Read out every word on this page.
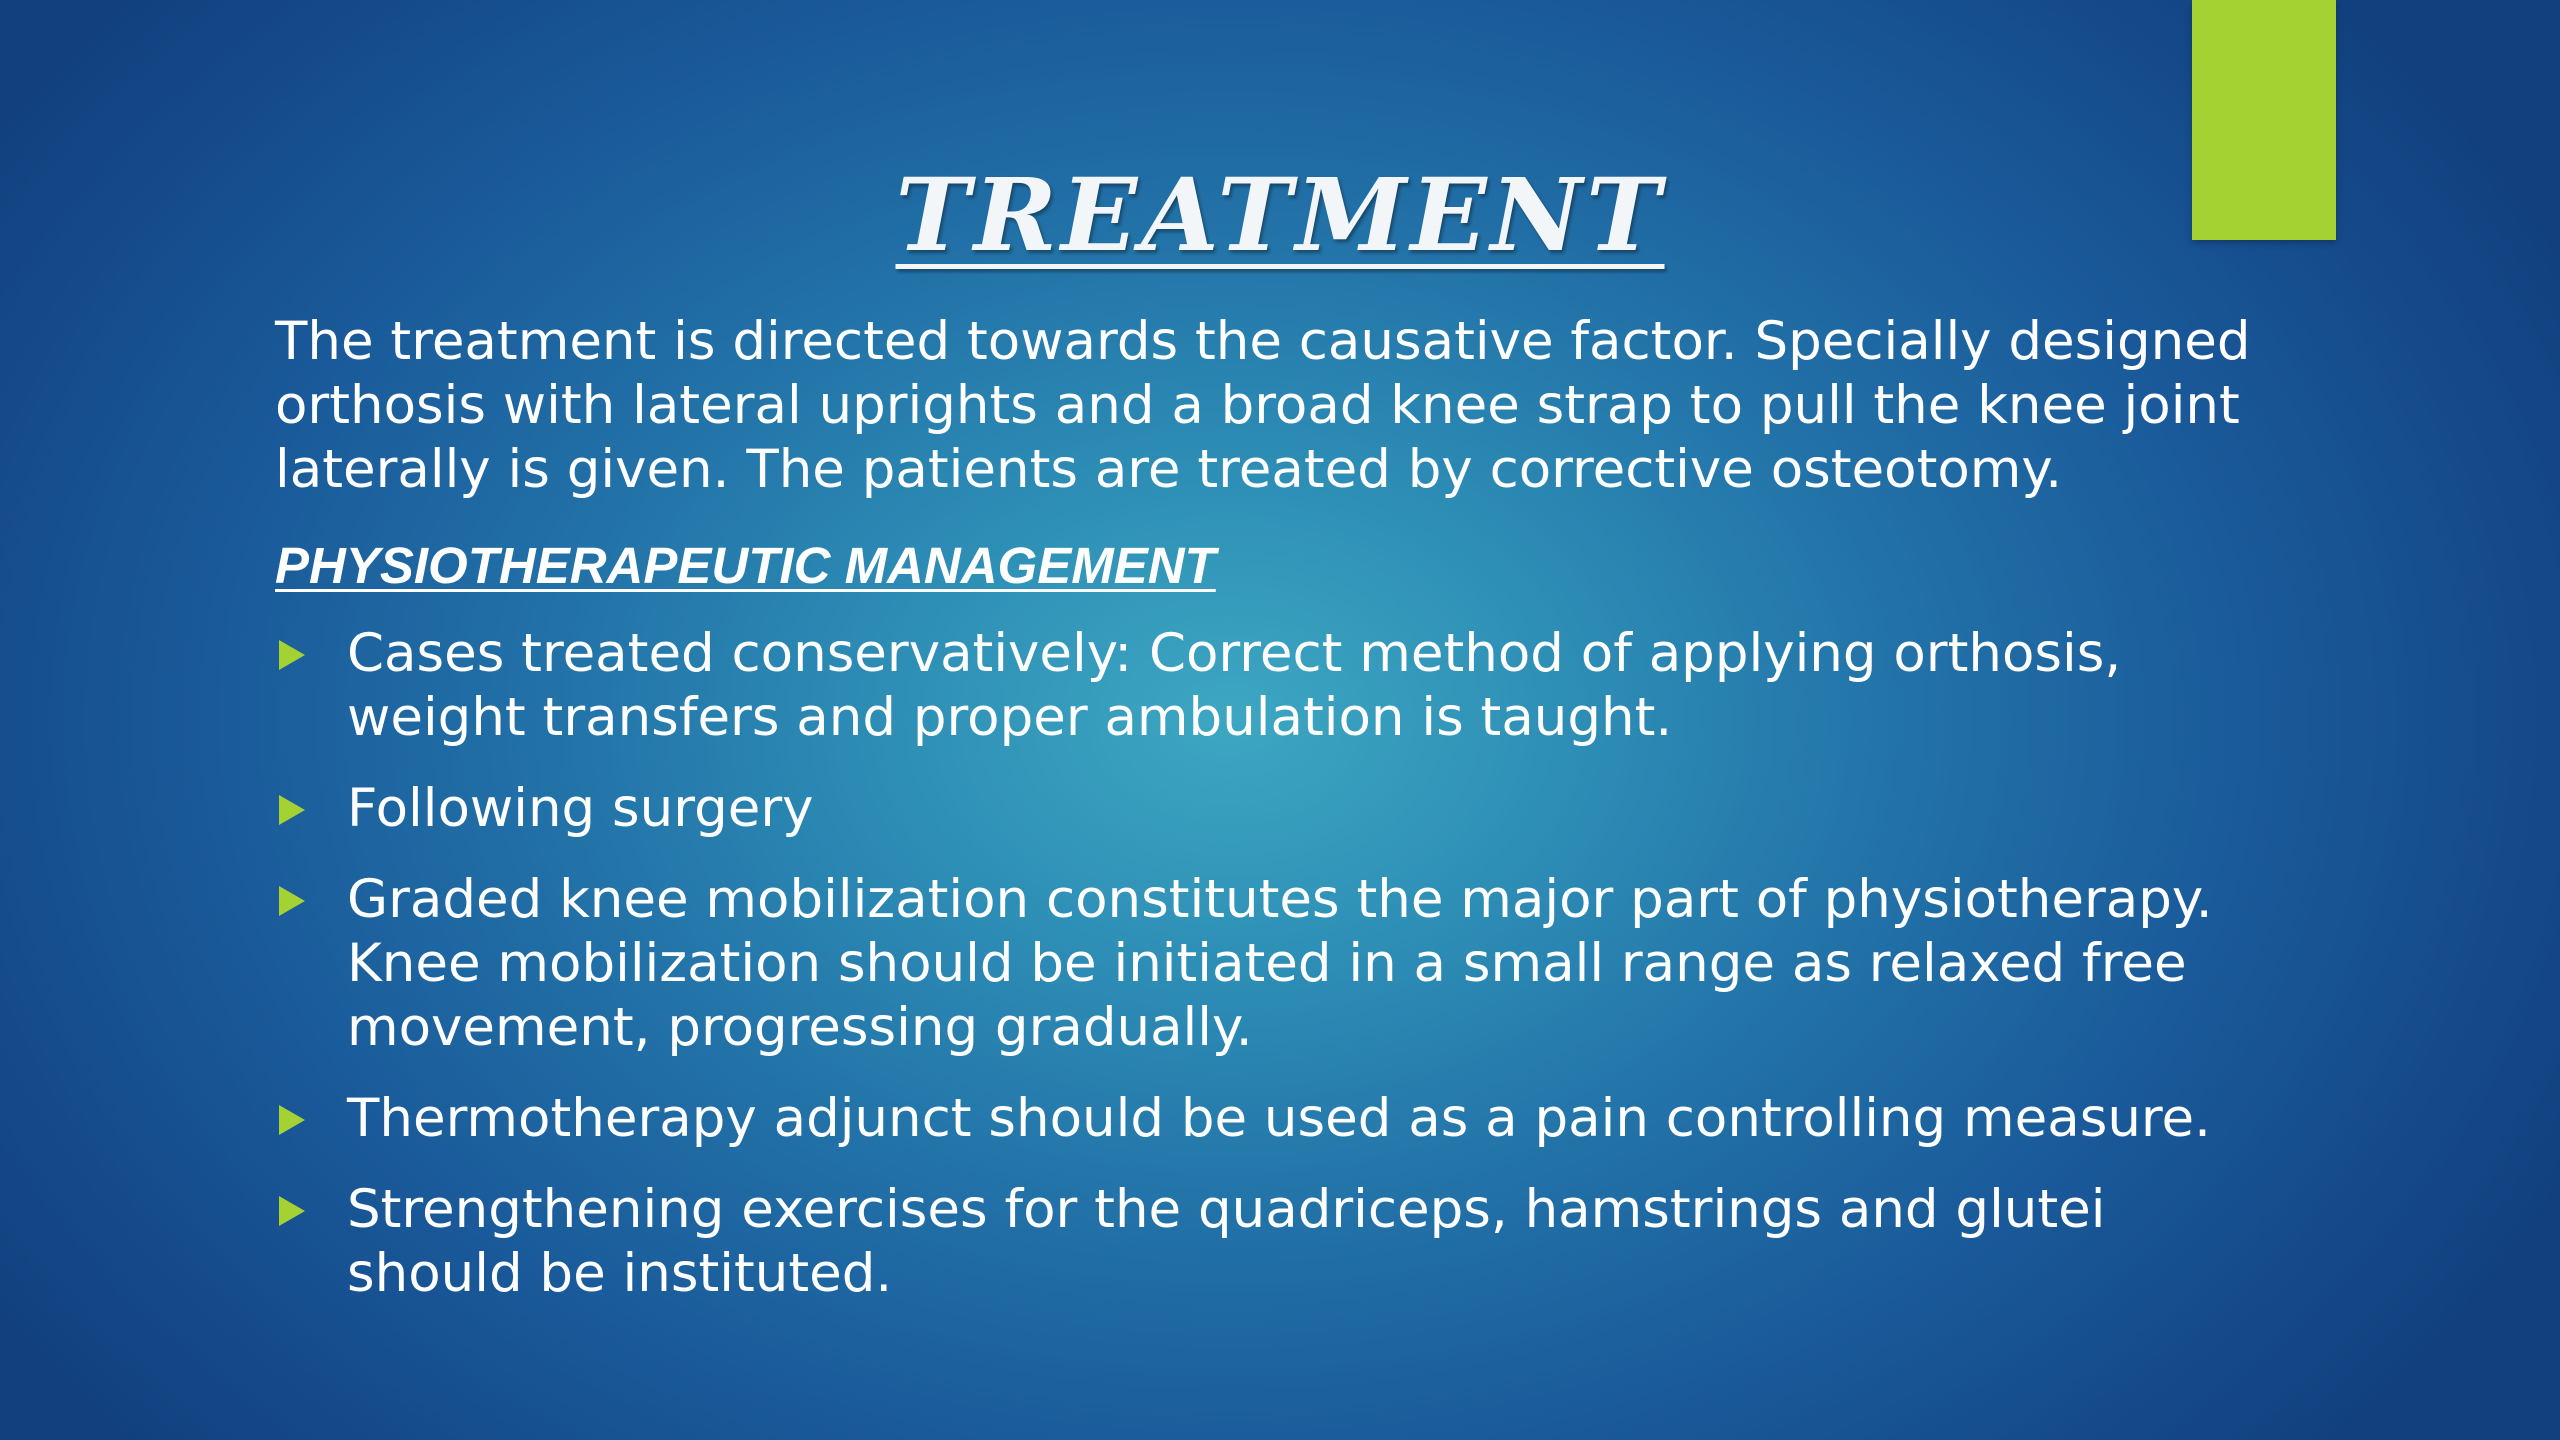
TREATMENT

The treatment is directed towards the causative factor. Specially designed orthosis with lateral uprights and a broad knee strap to pull the knee joint laterally is given. The patients are treated by corrective osteotomy.

PHYSIOTHERAPEUTIC MANAGEMENT
Cases treated conservatively: Correct method of applying orthosis, weight transfers and proper ambulation is taught.
Following surgery
Graded knee mobilization constitutes the major part of physiotherapy. Knee mobilization should be initiated in a small range as relaxed free movement, progressing gradually.
Thermotherapy adjunct should be used as a pain controlling measure.
Strengthening exercises for the quadriceps, hamstrings and glutei should be instituted.
